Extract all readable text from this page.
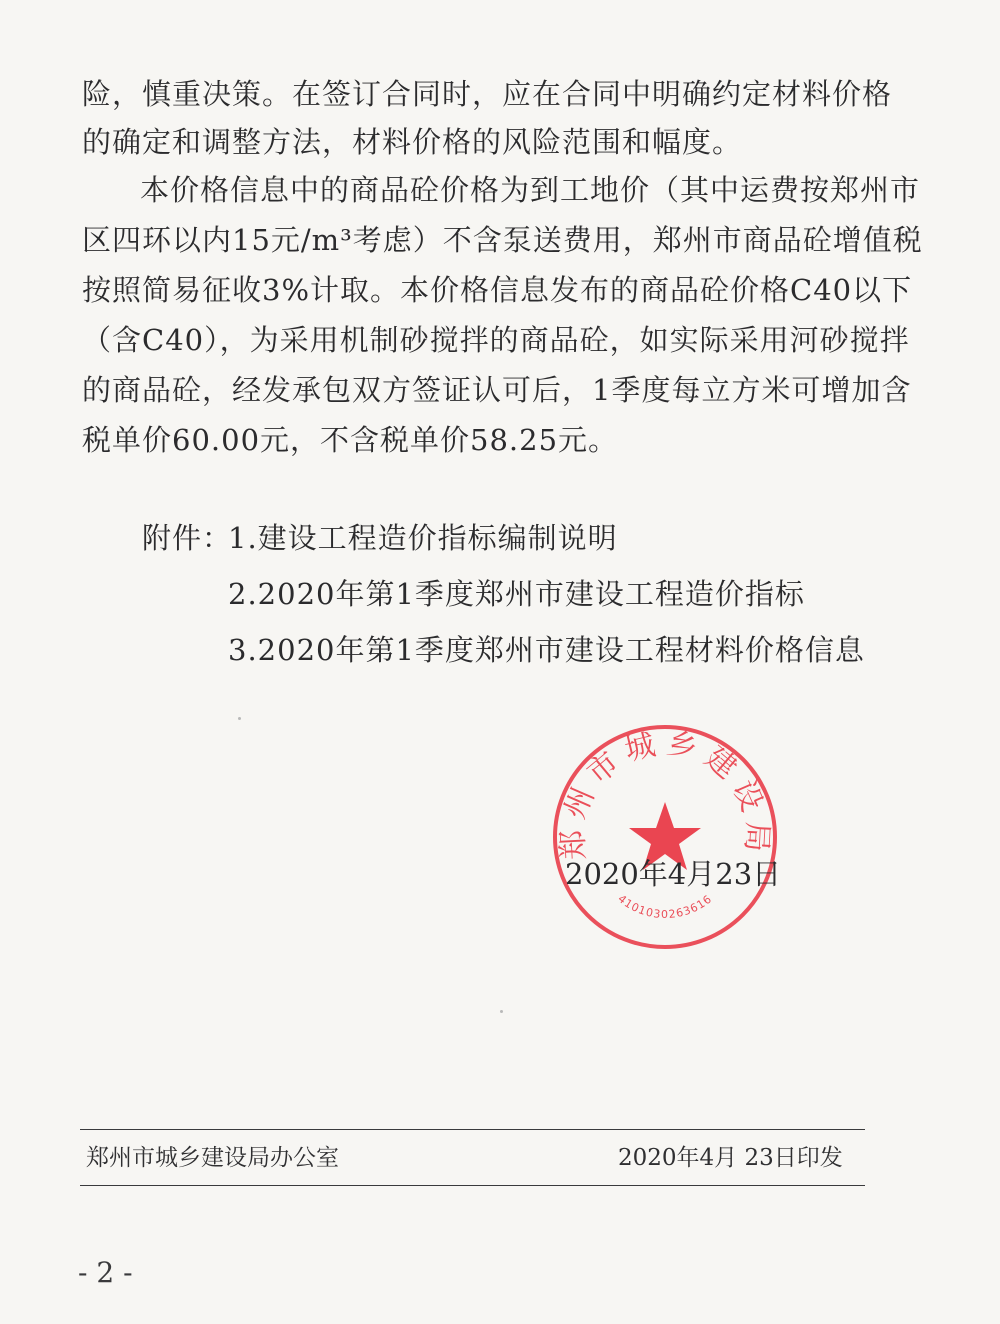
险，慎重决策。在签订合同时，应在合同中明确约定材料价格
的确定和调整方法，材料价格的风险范围和幅度。
本价格信息中的商品砼价格为到工地价（其中运费按郑州市
区四环以内15元/m³考虑）不含泵送费用，郑州市商品砼增值税
按照简易征收3%计取。本价格信息发布的商品砼价格C40以下
（含C40），为采用机制砂搅拌的商品砼，如实际采用河砂搅拌
的商品砼，经发承包双方签证认可后，1季度每立方米可增加含
税单价60.00元，不含税单价58.25元。
附件：
1.建设工程造价指标编制说明
2.2020年第1季度郑州市建设工程造价指标
3.2020年第1季度郑州市建设工程材料价格信息
郑州市城乡建设局
4101030263616
2020年4月23日
郑州市城乡建设局办公室	2020年4月 23日印发
- 2 -
